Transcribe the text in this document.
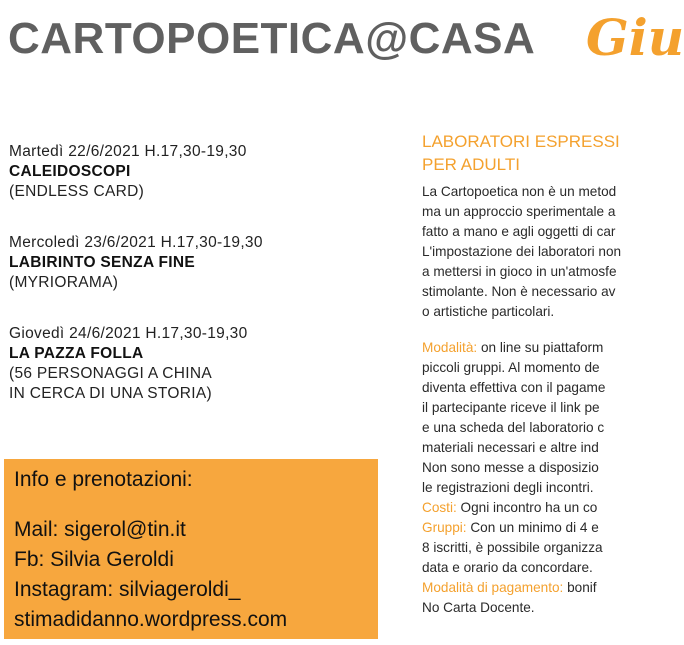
CARTOPOETICA@CASA Giu
Martedì 22/6/2021 H.17,30-19,30
CALEIDOSCOPI
(ENDLESS CARD)
Mercoledì 23/6/2021 H.17,30-19,30
LABIRINTO SENZA FINE
(MYRIORAMA)
Giovedì 24/6/2021 H.17,30-19,30
LA PAZZA FOLLA
(56 PERSONAGGI A CHINA
IN CERCA DI UNA STORIA)
Info e prenotazioni:
Mail: sigerol@tin.it
Fb: Silvia Geroldi
Instagram: silviageroldi_
stimadidanno.wordpress.com
LABORATORI ESPRESSI
PER ADULTI
La Cartopoetica non è un metod
ma un approccio sperimentale a
fatto a mano e agli oggetti di car
L'impostazione dei laboratori non
a mettersi in gioco in un'atmosfe
stimolante. Non è necessario av
o artistiche particolari.
Modalità: on line su piattaform
piccoli gruppi. Al momento de
diventa effettiva con il pagame
il partecipante riceve il link pe
e una scheda del laboratorio c
materiali necessari e altre ind
Non sono messe a disposizio
le registrazioni degli incontri.
Costi: Ogni incontro ha un co
Gruppi: Con un minimo di 4 e
8 iscritti, è possibile organizza
data e orario da concordare.
Modalità di pagamento: bonif
No Carta Docente.
